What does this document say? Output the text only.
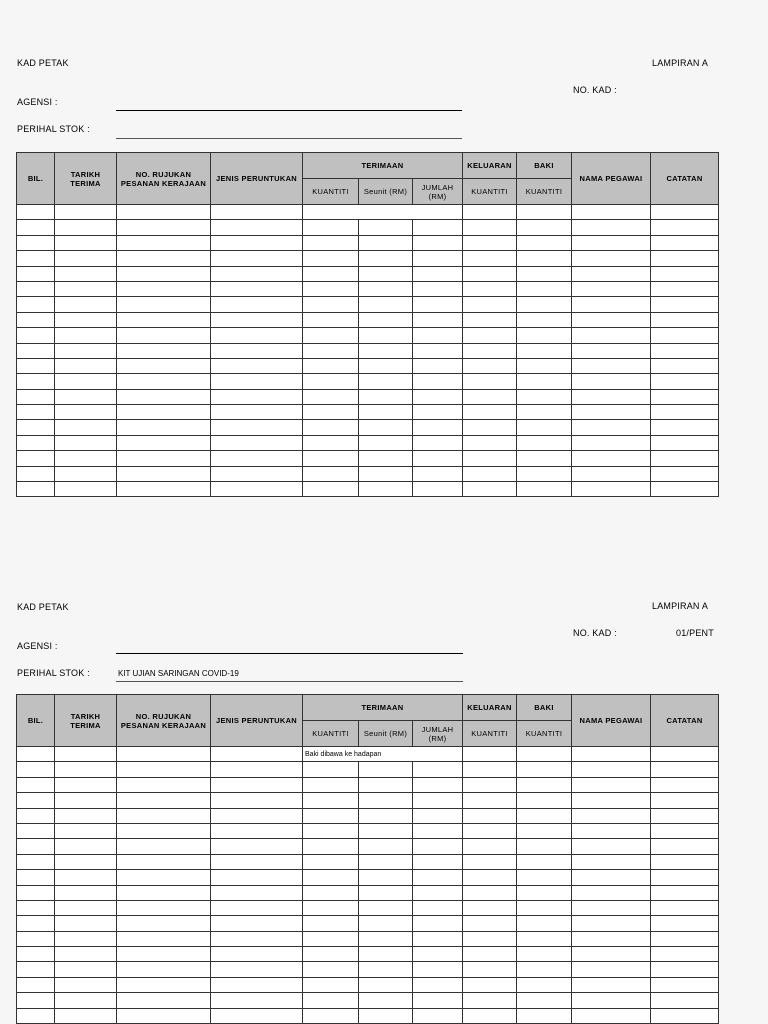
KAD PETAK	LAMPIRAN A
NO. KAD :
AGENSI :
PERIHAL STOK :
BIL.	TARIKH TERIMA	NO. RUJUKAN PESANAN KERAJAAN	JENIS PERUNTUKAN	TERIMAAN			KELUARAN	BAKI	NAMA PEGAWAI	CATATAN
				KUANTITI	Seunit (RM)	JUMLAH (RM)	KUANTITI	KUANTITI		

KAD PETAK	LAMPIRAN A
NO. KAD :	01/PENT
AGENSI :
PERIHAL STOK :	KIT UJIAN SARINGAN COVID-19
BIL.	TARIKH TERIMA	NO. RUJUKAN PESANAN KERAJAAN	JENIS PERUNTUKAN	TERIMAAN			KELUARAN	BAKI	NAMA PEGAWAI	CATATAN
				KUANTITI	Seunit (RM)	JUMLAH (RM)	KUANTITI	KUANTITI		
				Baki dibawa ke hadapan						
